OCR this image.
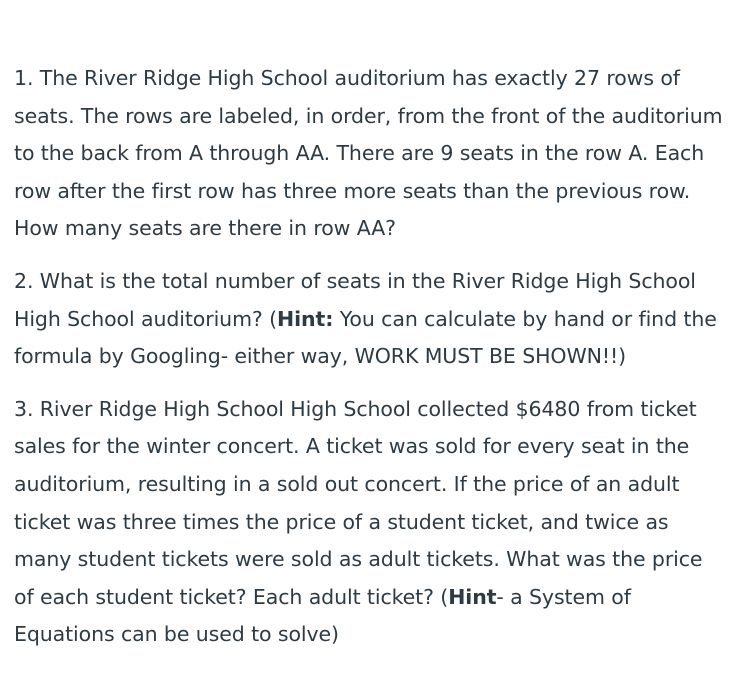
1. The River Ridge High School auditorium has exactly 27 rows of seats. The rows are labeled, in order, from the front of the auditorium to the back from A through AA. There are 9 seats in the row A. Each row after the first row has three more seats than the previous row. How many seats are there in row AA?

2. What is the total number of seats in the River Ridge High School High School auditorium? (Hint: You can calculate by hand or find the formula by Googling- either way, WORK MUST BE SHOWN!!)

3. River Ridge High School High School collected $6480 from ticket sales for the winter concert. A ticket was sold for every seat in the auditorium, resulting in a sold out concert. If the price of an adult ticket was three times the price of a student ticket, and twice as many student tickets were sold as adult tickets. What was the price of each student ticket? Each adult ticket? (Hint- a System of Equations can be used to solve)
